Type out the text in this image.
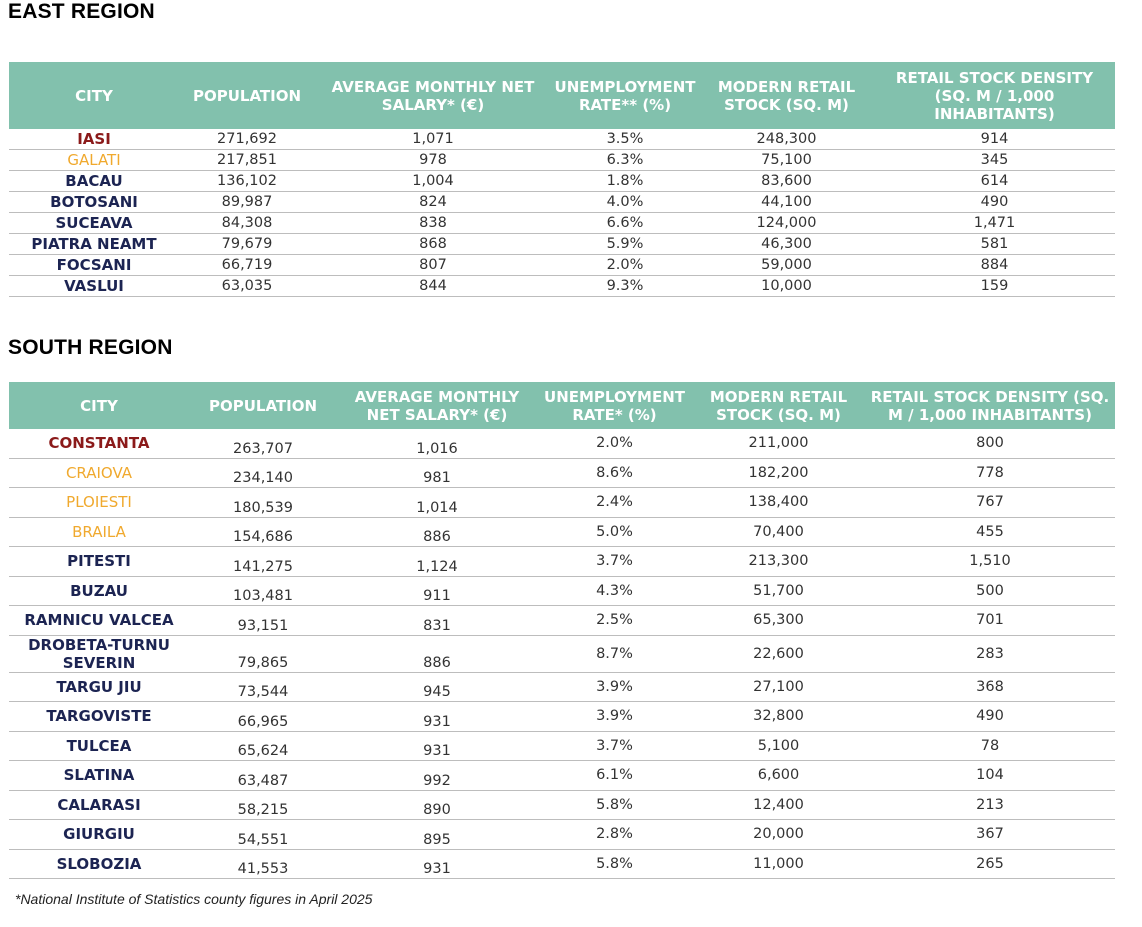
EAST REGION
CITY	POPULATION	AVERAGE MONTHLY NET SALARY* (€)	UNEMPLOYMENT RATE** (%)	MODERN RETAIL STOCK (SQ. M)	RETAIL STOCK DENSITY (SQ. M / 1,000 INHABITANTS)
IASI	271,692	1,071	3.5%	248,300	914
GALATI	217,851	978	6.3%	75,100	345
BACAU	136,102	1,004	1.8%	83,600	614
BOTOSANI	89,987	824	4.0%	44,100	490
SUCEAVA	84,308	838	6.6%	124,000	1,471
PIATRA NEAMT	79,679	868	5.9%	46,300	581
FOCSANI	66,719	807	2.0%	59,000	884
VASLUI	63,035	844	9.3%	10,000	159
SOUTH REGION
CITY	POPULATION	AVERAGE MONTHLY NET SALARY* (€)	UNEMPLOYMENT RATE* (%)	MODERN RETAIL STOCK (SQ. M)	RETAIL STOCK DENSITY (SQ. M / 1,000 INHABITANTS)
CONSTANTA	263,707	1,016	2.0%	211,000	800
CRAIOVA	234,140	981	8.6%	182,200	778
PLOIESTI	180,539	1,014	2.4%	138,400	767
BRAILA	154,686	886	5.0%	70,400	455
PITESTI	141,275	1,124	3.7%	213,300	1,510
BUZAU	103,481	911	4.3%	51,700	500
RAMNICU VALCEA	93,151	831	2.5%	65,300	701
DROBETA-TURNU SEVERIN	79,865	886	8.7%	22,600	283
TARGU JIU	73,544	945	3.9%	27,100	368
TARGOVISTE	66,965	931	3.9%	32,800	490
TULCEA	65,624	931	3.7%	5,100	78
SLATINA	63,487	992	6.1%	6,600	104
CALARASI	58,215	890	5.8%	12,400	213
GIURGIU	54,551	895	2.8%	20,000	367
SLOBOZIA	41,553	931	5.8%	11,000	265
*National Institute of Statistics county figures in April 2025
